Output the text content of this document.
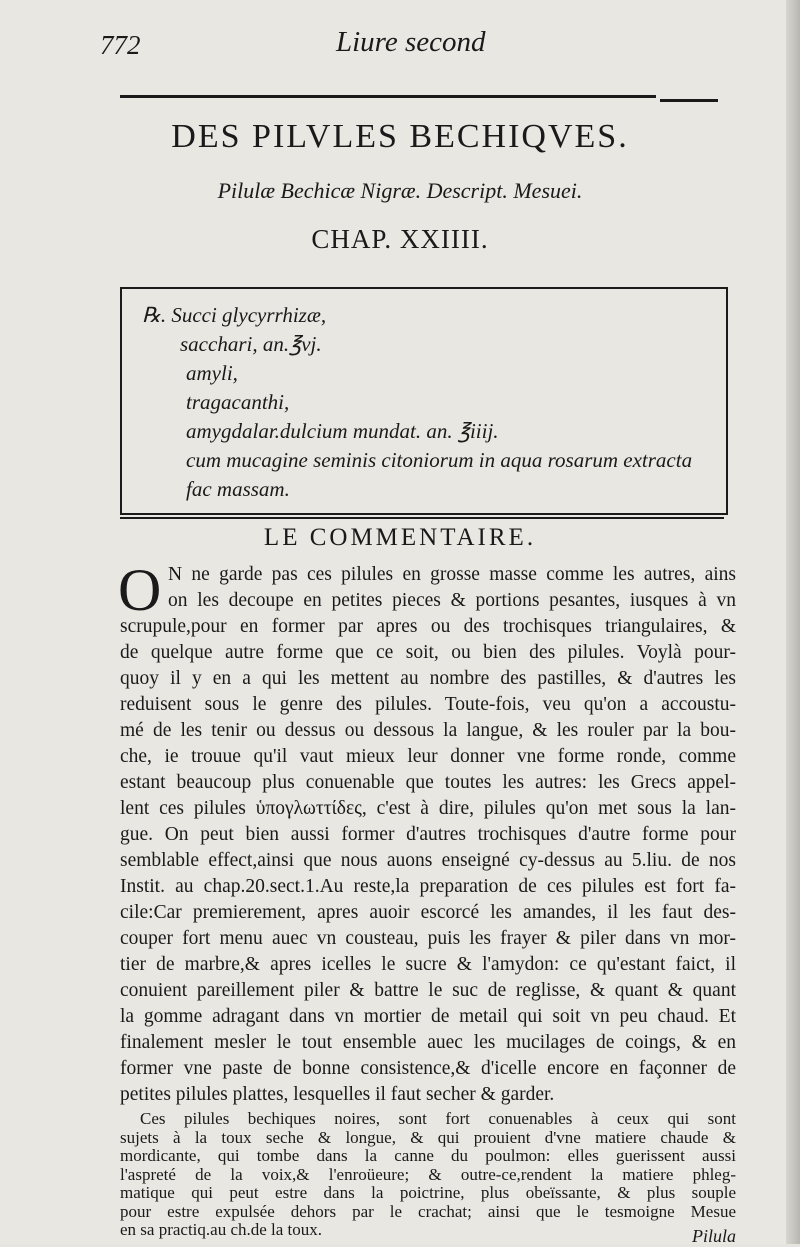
772	Liure second
DES PILVLES BECHIQVES.
Pilulæ Bechicæ Nigræ. Descript. Mesuei.
CHAP. XXIIII.
℞. Succi glycyrrhizæ,
sacchari, an.℥vj.
amyli,
tragacanthi,
amygdalar.dulcium mundat. an. ℥iiij.
cum mucagine seminis citoniorum in aqua rosarum extracta
fac massam.
LE COMMENTAIRE.
O N ne garde pas ces pilules en grosse masse comme les autres, ains
on les decoupe en petites pieces & portions pesantes, iusques à vn
scrupule,pour en former par apres ou des trochisques triangulaires, &
de quelque autre forme que ce soit, ou bien des pilules. Voylà pour-
quoy il y en a qui les mettent au nombre des pastilles, & d'autres les
reduisent sous le genre des pilules. Toute-fois, veu qu'on a accoustu-
mé de les tenir ou dessus ou dessous la langue, & les rouler par la bou-
che, ie trouue qu'il vaut mieux leur donner vne forme ronde, comme
estant beaucoup plus conuenable que toutes les autres: les Grecs appel-
lent ces pilules ὑπογλωττίδες, c'est à dire, pilules qu'on met sous la lan-
gue. On peut bien aussi former d'autres trochisques d'autre forme pour
semblable effect,ainsi que nous auons enseigné cy-dessus au 5.liu. de nos
Instit. au chap.20.sect.1.Au reste,la preparation de ces pilules est fort fa-
cile:Car premierement, apres auoir escorcé les amandes, il les faut des-
couper fort menu auec vn cousteau, puis les frayer & piler dans vn mor-
tier de marbre,& apres icelles le sucre & l'amydon: ce qu'estant faict, il
conuient pareillement piler & battre le suc de reglisse, & quant & quant
la gomme adragant dans vn mortier de metail qui soit vn peu chaud. Et
finalement mesler le tout ensemble auec les mucilages de coings, & en
former vne paste de bonne consistence,& d'icelle encore en façonner de
petites pilules plattes, lesquelles il faut secher & garder.
Ces pilules bechiques noires, sont fort conuenables à ceux qui sont
sujets à la toux seche & longue, & qui prouient d'vne matiere chaude &
mordicante, qui tombe dans la canne du poulmon: elles guerissent aussi
l'aspreté de la voix,& l'enroüeure; & outre-ce,rendent la matiere phleg-
matique qui peut estre dans la poictrine, plus obeïssante, & plus souple
pour estre expulsée dehors par le crachat; ainsi que le tesmoigne Mesue
en sa practiq.au ch.de la toux.	Pilula
